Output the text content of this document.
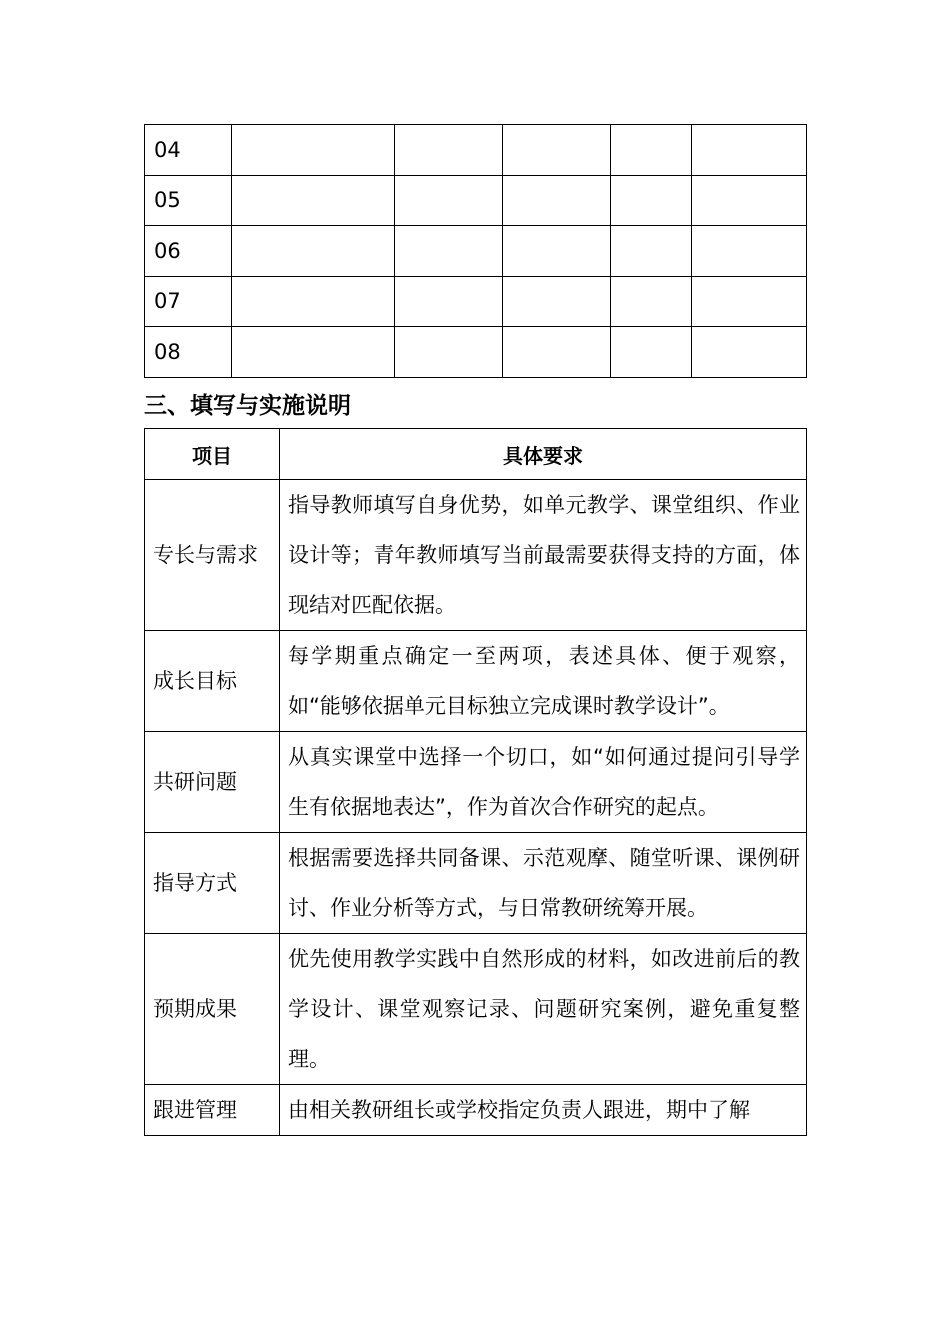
04					
05					
06					
07					
08					
三、填写与实施说明
项目	具体要求
专长与需求	指导教师填写自身优势，如单元教学、课堂组织、作业设计等；青年教师填写当前最需要获得支持的方面，体现结对匹配依据。
成长目标	每学期重点确定一至两项，表述具体、便于观察，如“能够依据单元目标独立完成课时教学设计”。
共研问题	从真实课堂中选择一个切口，如“如何通过提问引导学生有依据地表达”，作为首次合作研究的起点。
指导方式	根据需要选择共同备课、示范观摩、随堂听课、课例研讨、作业分析等方式，与日常教研统筹开展。
预期成果	优先使用教学实践中自然形成的材料，如改进前后的教学设计、课堂观察记录、问题研究案例，避免重复整理。
跟进管理	由相关教研组长或学校指定负责人跟进，期中了解
